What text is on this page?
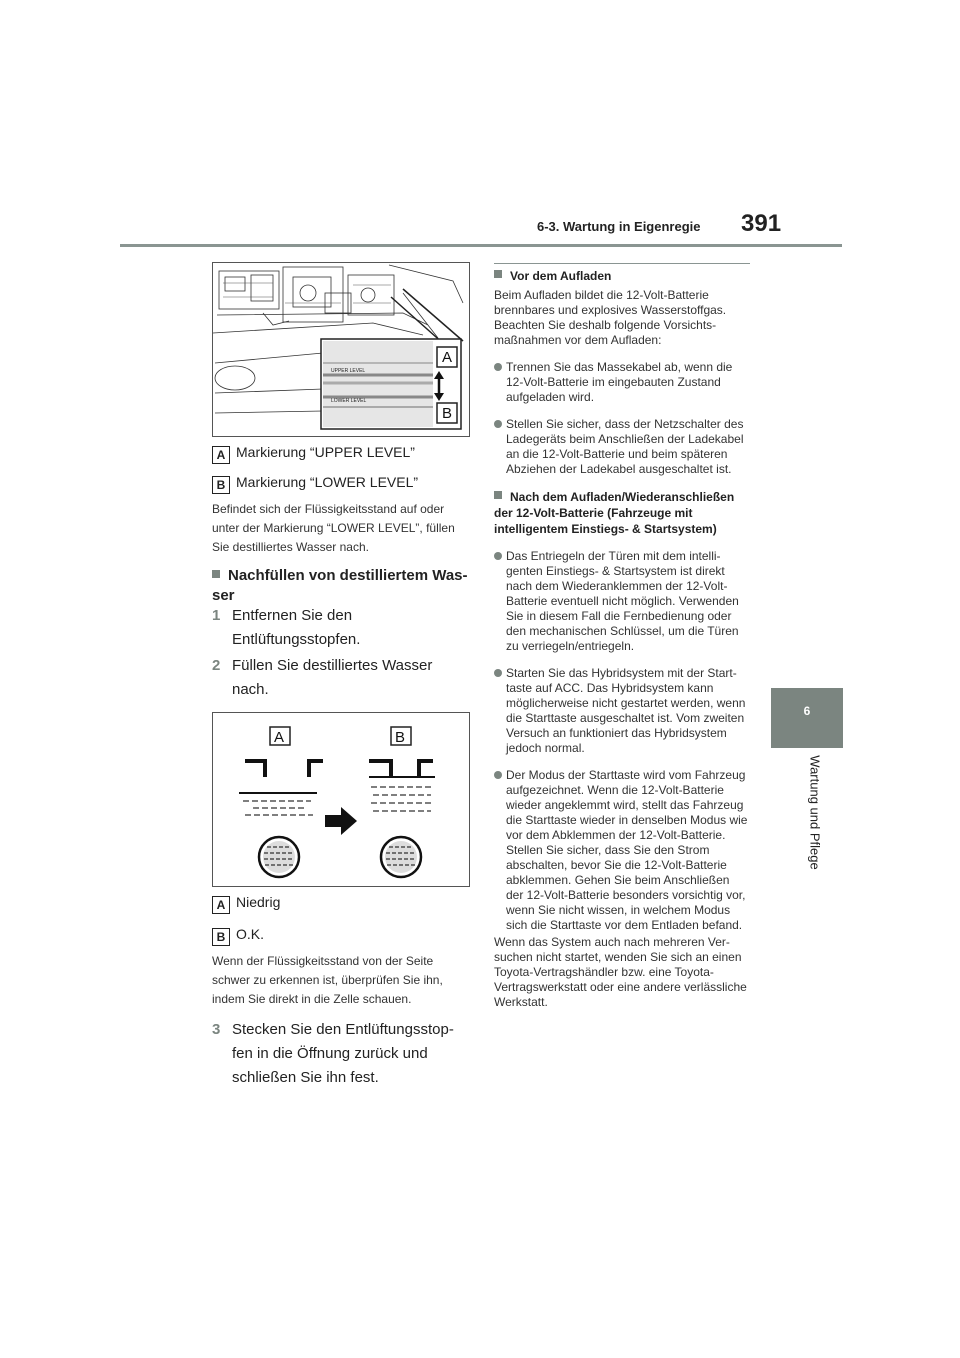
6-3. Wartung in Eigenregie 391
6
Wartung und Pflege
UPPER LEVEL
LOWER LEVEL
A
B
A Markierung “UPPER LEVEL”
B Markierung “LOWER LEVEL”
Befindet sich der Flüssigkeitsstand auf oder unter der Markierung “LOWER LEVEL”, füllen Sie destilliertes Wasser nach.
Nachfüllen von destilliertem Wasser
1 Entfernen Sie den Entlüftungsstopfen.
2 Füllen Sie destilliertes Wasser nach.
A	B
A Niedrig
B O.K.
Wenn der Flüssigkeitsstand von der Seite schwer zu erkennen ist, überprüfen Sie ihn, indem Sie direkt in die Zelle schauen.
3 Stecken Sie den Entlüftungsstopfen in die Öffnung zurück und schließen Sie ihn fest.
Vor dem Aufladen
Beim Aufladen bildet die 12-Volt-Batterie brennbares und explosives Wasserstoffgas. Beachten Sie deshalb folgende Vorsichtsmaßnahmen vor dem Aufladen:
Trennen Sie das Massekabel ab, wenn die 12-Volt-Batterie im eingebauten Zustand aufgeladen wird.
Stellen Sie sicher, dass der Netzschalter des Ladegeräts beim Anschließen der Ladekabel an die 12-Volt-Batterie und beim späteren Abziehen der Ladekabel ausgeschaltet ist.
Nach dem Aufladen/Wiederanschließen der 12-Volt-Batterie (Fahrzeuge mit intelligentem Einstiegs- & Startsystem)
Das Entriegeln der Türen mit dem intelligenten Einstiegs- & Startsystem ist direkt nach dem Wiederanklemmen der 12-Volt-Batterie eventuell nicht möglich. Verwenden Sie in diesem Fall die Fernbedienung oder den mechanischen Schlüssel, um die Türen zu verriegeln/entriegeln.
Starten Sie das Hybridsystem mit der Starttaste auf ACC. Das Hybridsystem kann möglicherweise nicht gestartet werden, wenn die Starttaste ausgeschaltet ist. Vom zweiten Versuch an funktioniert das Hybridsystem jedoch normal.
Der Modus der Starttaste wird vom Fahrzeug aufgezeichnet. Wenn die 12-Volt-Batterie wieder angeklemmt wird, stellt das Fahrzeug die Starttaste wieder in denselben Modus wie vor dem Abklemmen der 12-Volt-Batterie. Stellen Sie sicher, dass Sie den Strom abschalten, bevor Sie die 12-Volt-Batterie abklemmen. Gehen Sie beim Anschließen der 12-Volt-Batterie besonders vorsichtig vor, wenn Sie nicht wissen, in welchem Modus sich die Starttaste vor dem Entladen befand.
Wenn das System auch nach mehreren Versuchen nicht startet, wenden Sie sich an einen Toyota-Vertragshändler bzw. eine Toyota-Vertragswerkstatt oder eine andere verlässliche Werkstatt.
